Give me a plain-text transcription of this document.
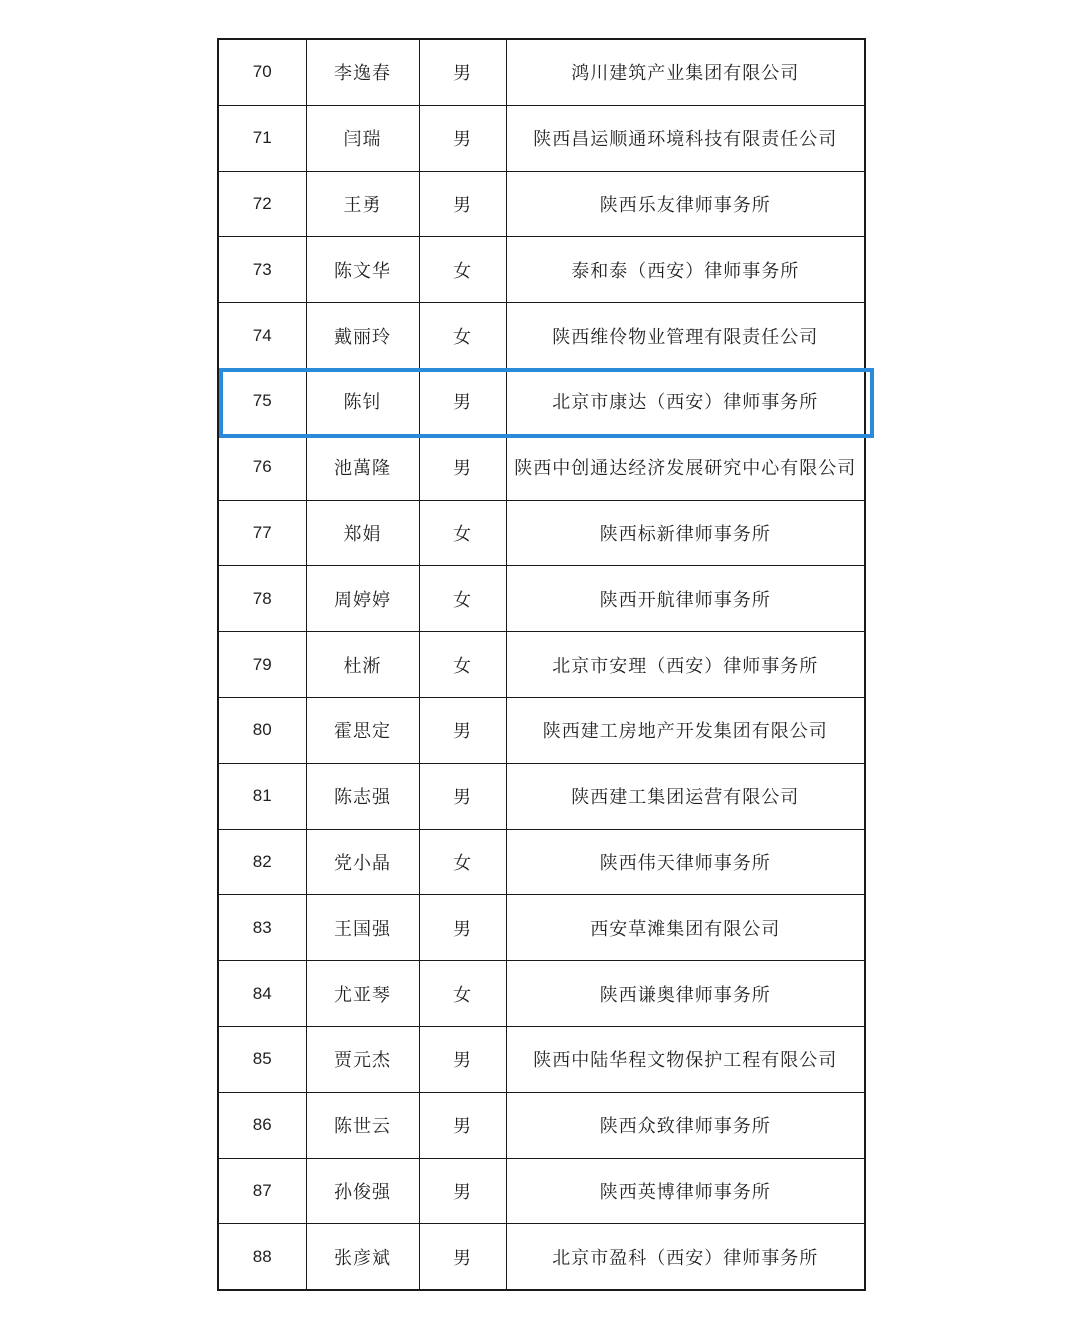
70	李逸春	男	鸿川建筑产业集团有限公司
71	闫瑞	男	陕西昌运顺通环境科技有限责任公司
72	王勇	男	陕西乐友律师事务所
73	陈文华	女	泰和泰（西安）律师事务所
74	戴丽玲	女	陕西维伶物业管理有限责任公司
75	陈钊	男	北京市康达（西安）律师事务所
76	池萬隆	男	陕西中创通达经济发展研究中心有限公司
77	郑娟	女	陕西标新律师事务所
78	周婷婷	女	陕西开航律师事务所
79	杜淅	女	北京市安理（西安）律师事务所
80	霍思定	男	陕西建工房地产开发集团有限公司
81	陈志强	男	陕西建工集团运营有限公司
82	党小晶	女	陕西伟天律师事务所
83	王国强	男	西安草滩集团有限公司
84	尤亚琴	女	陕西谦奥律师事务所
85	贾元杰	男	陕西中陆华程文物保护工程有限公司
86	陈世云	男	陕西众致律师事务所
87	孙俊强	男	陕西英博律师事务所
88	张彦斌	男	北京市盈科（西安）律师事务所
